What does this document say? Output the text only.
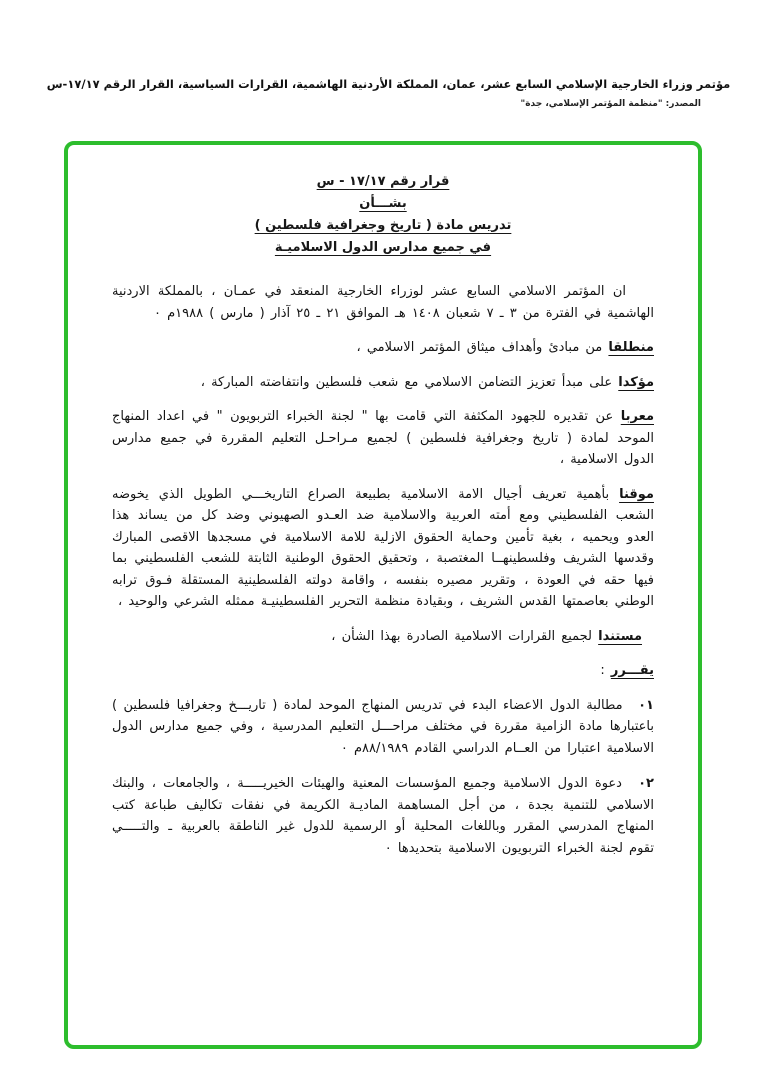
مؤتمر وزراء الخارجية الإسلامي السابع عشر، عمان، المملكة الأردنية الهاشمية، القرارات السياسية، القرار الرقم ١٧/١٧-س
المصدر: "منظمة المؤتمر الإسلامي، جدة"
قرار رقم ١٧/١٧ - س
بشـــأن
تدريس مادة ( تاريخ وجغرافية فلسطين )
في جميع مدارس الدول الاسلاميـة

ان المؤتمر الاسلامي السابع عشر لوزراء الخارجية المنعقد في عمـان ، بالمملكة الاردنية الهاشمية في الفترة من ٣ ـ ٧ شعبان ١٤٠٨ هـ الموافق ٢١ ـ ٢٥ آذار ( مارس ) ١٩٨٨م ٠

منطلقا من مبادئ وأهداف ميثاق المؤتمر الاسلامي ،

مؤكدا على مبدأ تعزيز التضامن الاسلامي مع شعب فلسطين وانتفاضته المباركة ،

معربا عن تقديره للجهود المكثفة التي قامت بها " لجنة الخبراء التربويون " في اعداد المنهاج الموحد لمادة ( تاريخ وجغرافية فلسطين ) لجميع مـراحـل التعليم المقررة في جميع مدارس الدول الاسلامية ،

موقنا بأهمية تعريف أجيال الامة الاسلامية بطبيعة الصراع التاريخـــي الطويل الذي يخوضه الشعب الفلسطيني ومع أمته العربية والاسلامية ضد العـدو الصهيوني وضد كل من يساند هذا العدو ويحميه ، بغية تأمين وحماية الحقوق الازلية للامة الاسلامية في مسجدها الاقصى المبارك وقدسها الشريف وفلسطينهــا المغتصبة ، وتحقيق الحقوق الوطنية الثابتة للشعب الفلسطيني بما فيها حقه في العودة ، وتقرير مصيره بنفسه ، واقامة دولته الفلسطينية المستقلة فـوق ترابه الوطني بعاصمتها القدس الشريف ، وبقيادة منظمة التحرير الفلسطينيـة ممثله الشرعي والوحيد ،

مستندا لجميع القرارات الاسلامية الصادرة بهذا الشأن ،

يقـــرر :

٠١ مطالبة الدول الاعضاء البدء في تدريس المنهاج الموحد لمادة ( تاريـــخ وجغرافيا فلسطين ) باعتبارها مادة الزامية مقررة في مختلف مراحـــل التعليم المدرسية ، وفي جميع مدارس الدول الاسلامية اعتبارا من العــام الدراسي القادم ٨٨/١٩٨٩م ٠

٠٢ دعوة الدول الاسلامية وجميع المؤسسات المعنية والهيئات الخيريـــــة ، والجامعات ، والبنك الاسلامي للتنمية بجدة ، من أجل المساهمة الماديـة الكريمة في نفقات تكاليف طباعة كتب المنهاج المدرسي المقرر وباللغات المحلية أو الرسمية للدول غير الناطقة بالعربية ـ والتـــــي تقوم لجنة الخبراء التربويون الاسلامية بتحديدها ٠
